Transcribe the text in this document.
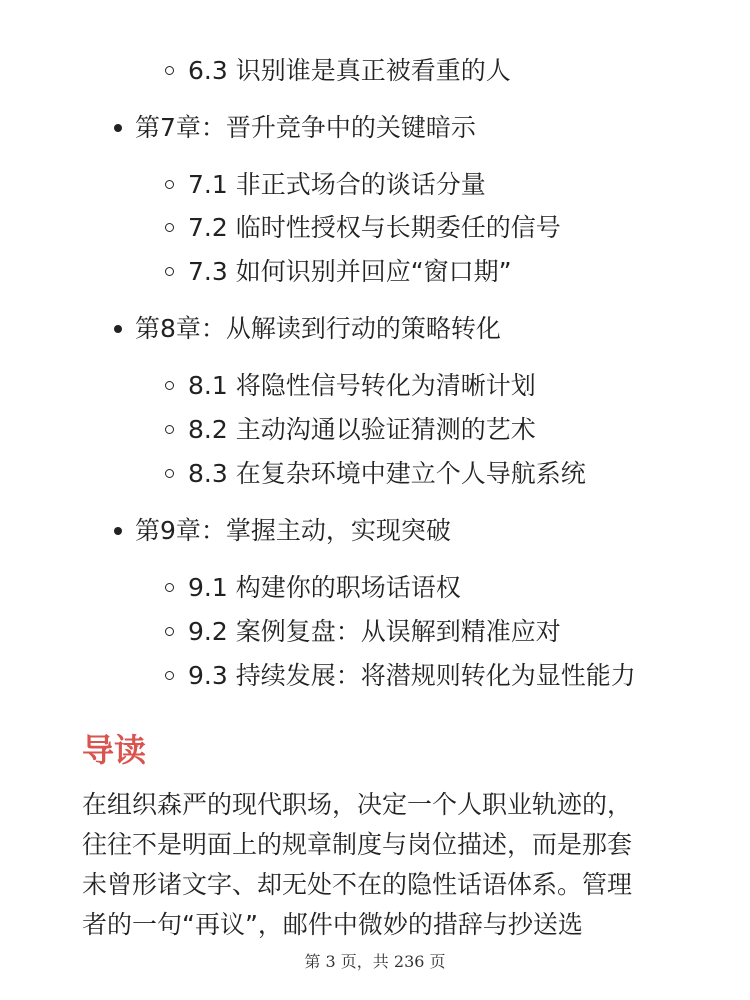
6.3 识别谁是真正被看重的人
第7章：晋升竞争中的关键暗示
7.1 非正式场合的谈话分量
7.2 临时性授权与长期委任的信号
7.3 如何识别并回应“窗口期”
第8章：从解读到行动的策略转化
8.1 将隐性信号转化为清晰计划
8.2 主动沟通以验证猜测的艺术
8.3 在复杂环境中建立个人导航系统
第9章：掌握主动，实现突破
9.1 构建你的职场话语权
9.2 案例复盘：从误解到精准应对
9.3 持续发展：将潜规则转化为显性能力
导读
在组织森严的现代职场，决定一个人职业轨迹的，
往往不是明面上的规章制度与岗位描述，而是那套
未曾形诸文字、却无处不在的隐性话语体系。管理
者的一句“再议”，邮件中微妙的措辞与抄送选
第 3 页，共 236 页
